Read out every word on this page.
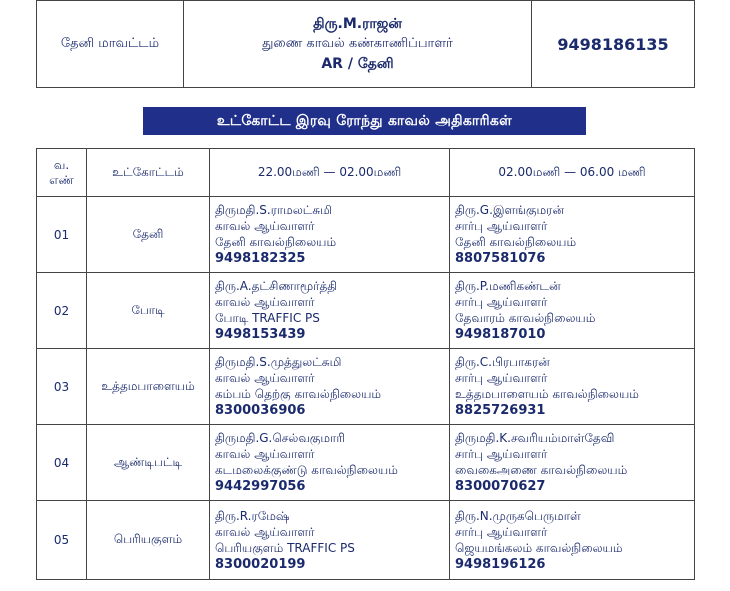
தேனி மாவட்டம்	
திரு.M.ராஜன்
துணை காவல் கண்காணிப்பாளர்
AR / தேனி
	9498186135
உட்கோட்ட இரவு ரோந்து காவல் அதிகாரிகள்
வ.
எண்	உட்கோட்டம்	22.00மணி — 02.00மணி	02.00மணி — 06.00 மணி
01	தேனி	திருமதி.S.ராமலட்சுமி
காவல் ஆய்வாளர்
தேனி காவல்நிலையம்
9498182325	திரு.G.இளங்குமரன்
சார்பு ஆய்வாளர்
தேனி காவல்நிலையம்
8807581076

02	போடி	திரு.A.தட்சிணாமூர்த்தி
காவல் ஆய்வாளர்
போடி TRAFFIC PS
9498153439	திரு.P.மணிகண்டன்
சார்பு ஆய்வாளர்
தேவாரம் காவல்நிலையம்
9498187010

03	உத்தமபாளையம்	திருமதி.S.முத்துலட்சுமி
காவல் ஆய்வாளர்
கம்பம் தெற்கு காவல்நிலையம்
8300036906	திரு.C.பிரபாகரன்
சார்பு ஆய்வாளர்
உத்தமபாளையம் காவல்நிலையம்
8825726931

04	ஆண்டிபட்டி	திருமதி.G.செல்வகுமாரி
காவல் ஆய்வாளர்
கடமலைக்குண்டு காவல்நிலையம்
9442997056	திருமதி.K.சவரியம்மாள்தேவி
சார்பு ஆய்வாளர்
வைகைஅணை காவல்நிலையம்
8300070627

05	பெரியகுளம்	திரு.R.ரமேஷ்
காவல் ஆய்வாளர்
பெரியகுளம் TRAFFIC PS
8300020199	திரு.N.முருகபெருமாள்
சார்பு ஆய்வாளர்
ஜெயமங்கலம் காவல்நிலையம்
9498196126
